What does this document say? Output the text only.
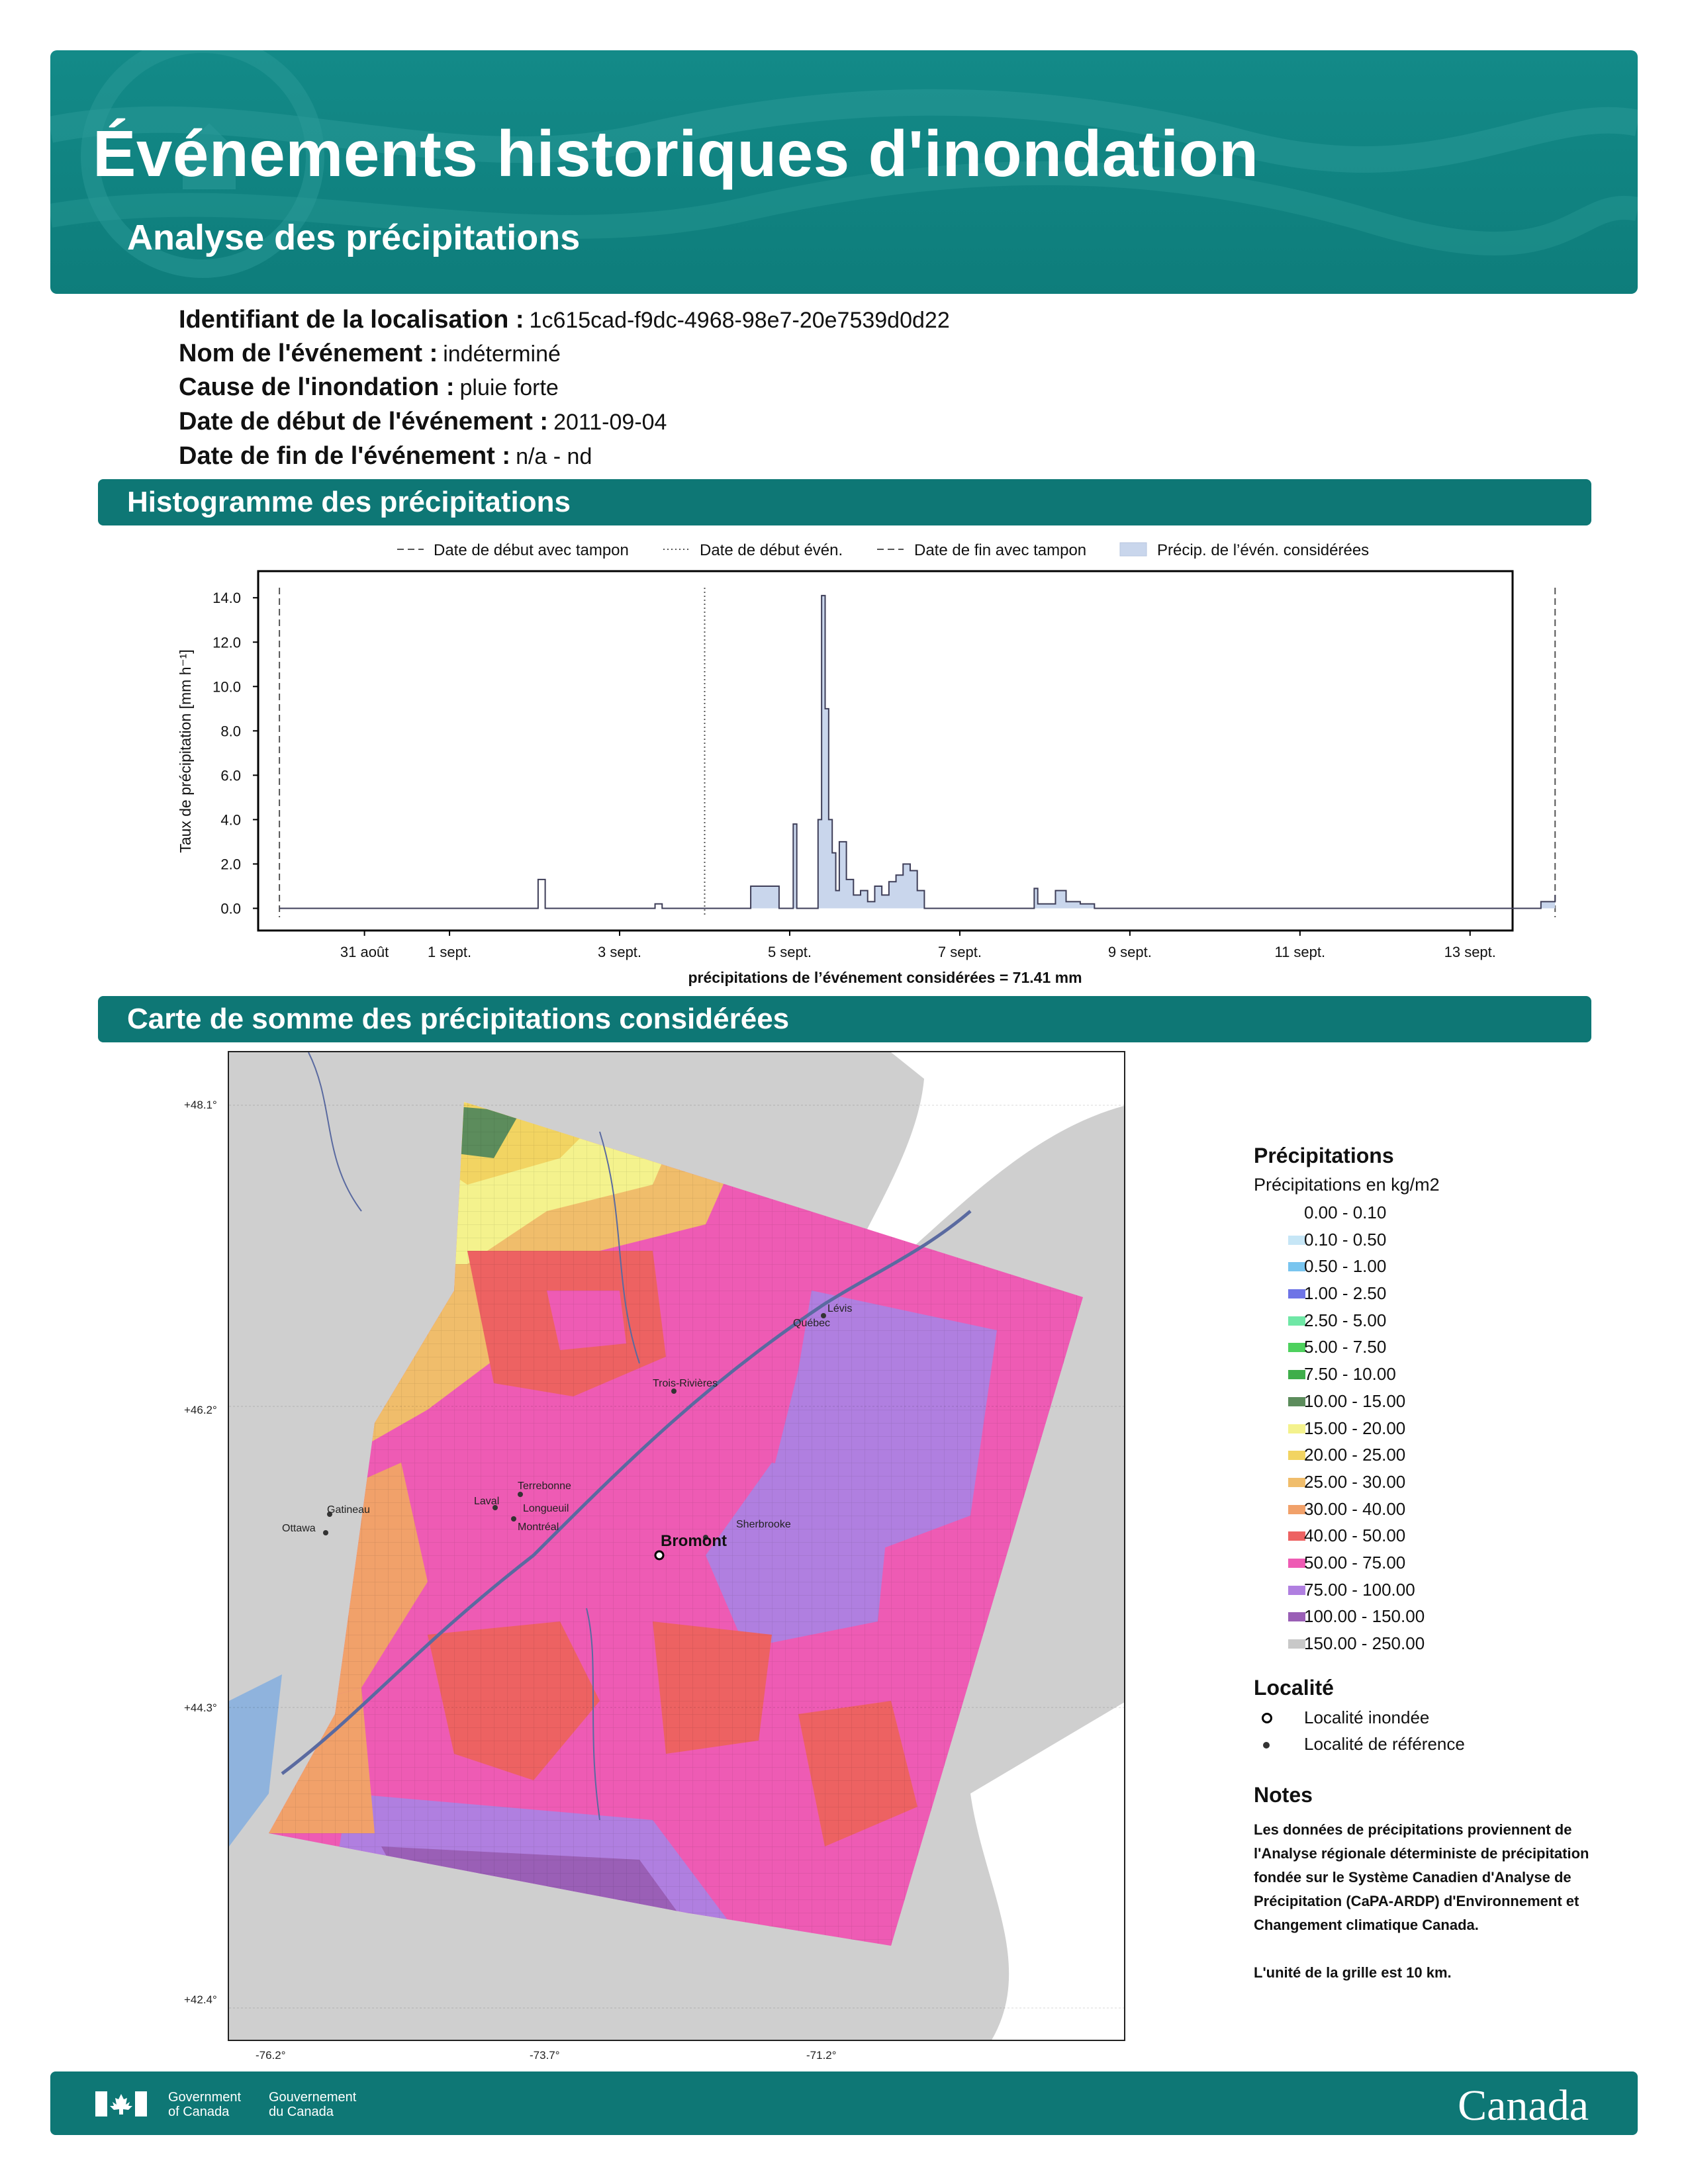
Événements historiques d'inondation
Analyse des précipitations
Identifiant de la localisation : 1c615cad-f9dc-4968-98e7-20e7539d0d22
Nom de l'événement : indéterminé
Cause de l'inondation : pluie forte
Date de début de l'événement : 2011-09-04
Date de fin de l'événement : n/a - nd
Histogramme des précipitations
Date de début avec tampon	Date de début évén.	Date de fin avec tampon	Précip. de l’évén. considérées
0.0
2.0
4.0
6.0
8.0
10.0
12.0
14.0
31 août	1 sept.	3 sept.	5 sept.	7 sept.	9 sept.	11 sept.	13 sept.
Taux de précipitation [mm h⁻¹]
précipitations de l’événement considérées = 71.41 mm
Carte de somme des précipitations considérées
Québec
Lévis
Trois-Rivières
Terrebonne
Laval
Longueuil
Montréal
Gatineau
Ottawa	Sherbrooke
Bromont
+48.1°
+46.2°
+44.3°
+42.4°
-76.2°	-73.7°	-71.2°
Précipitations
Précipitations en kg/m2
0.00 - 0.10
0.10 - 0.50
0.50 - 1.00
1.00 - 2.50
2.50 - 5.00
5.00 - 7.50
7.50 - 10.00
10.00 - 15.00
15.00 - 20.00
20.00 - 25.00
25.00 - 30.00
30.00 - 40.00
40.00 - 50.00
50.00 - 75.00
75.00 - 100.00
100.00 - 150.00
150.00 - 250.00
Localité
Localité inondée
Localité de référence
Notes
Les données de précipitations proviennent de l'Analyse régionale déterministe de précipitation fondée sur le Système Canadien d'Analyse de Précipitation (CaPA-ARDP) d'Environnement et Changement climatique Canada.
L'unité de la grille est 10 km.
Government
of Canada
Gouvernement
du Canada	Canada
